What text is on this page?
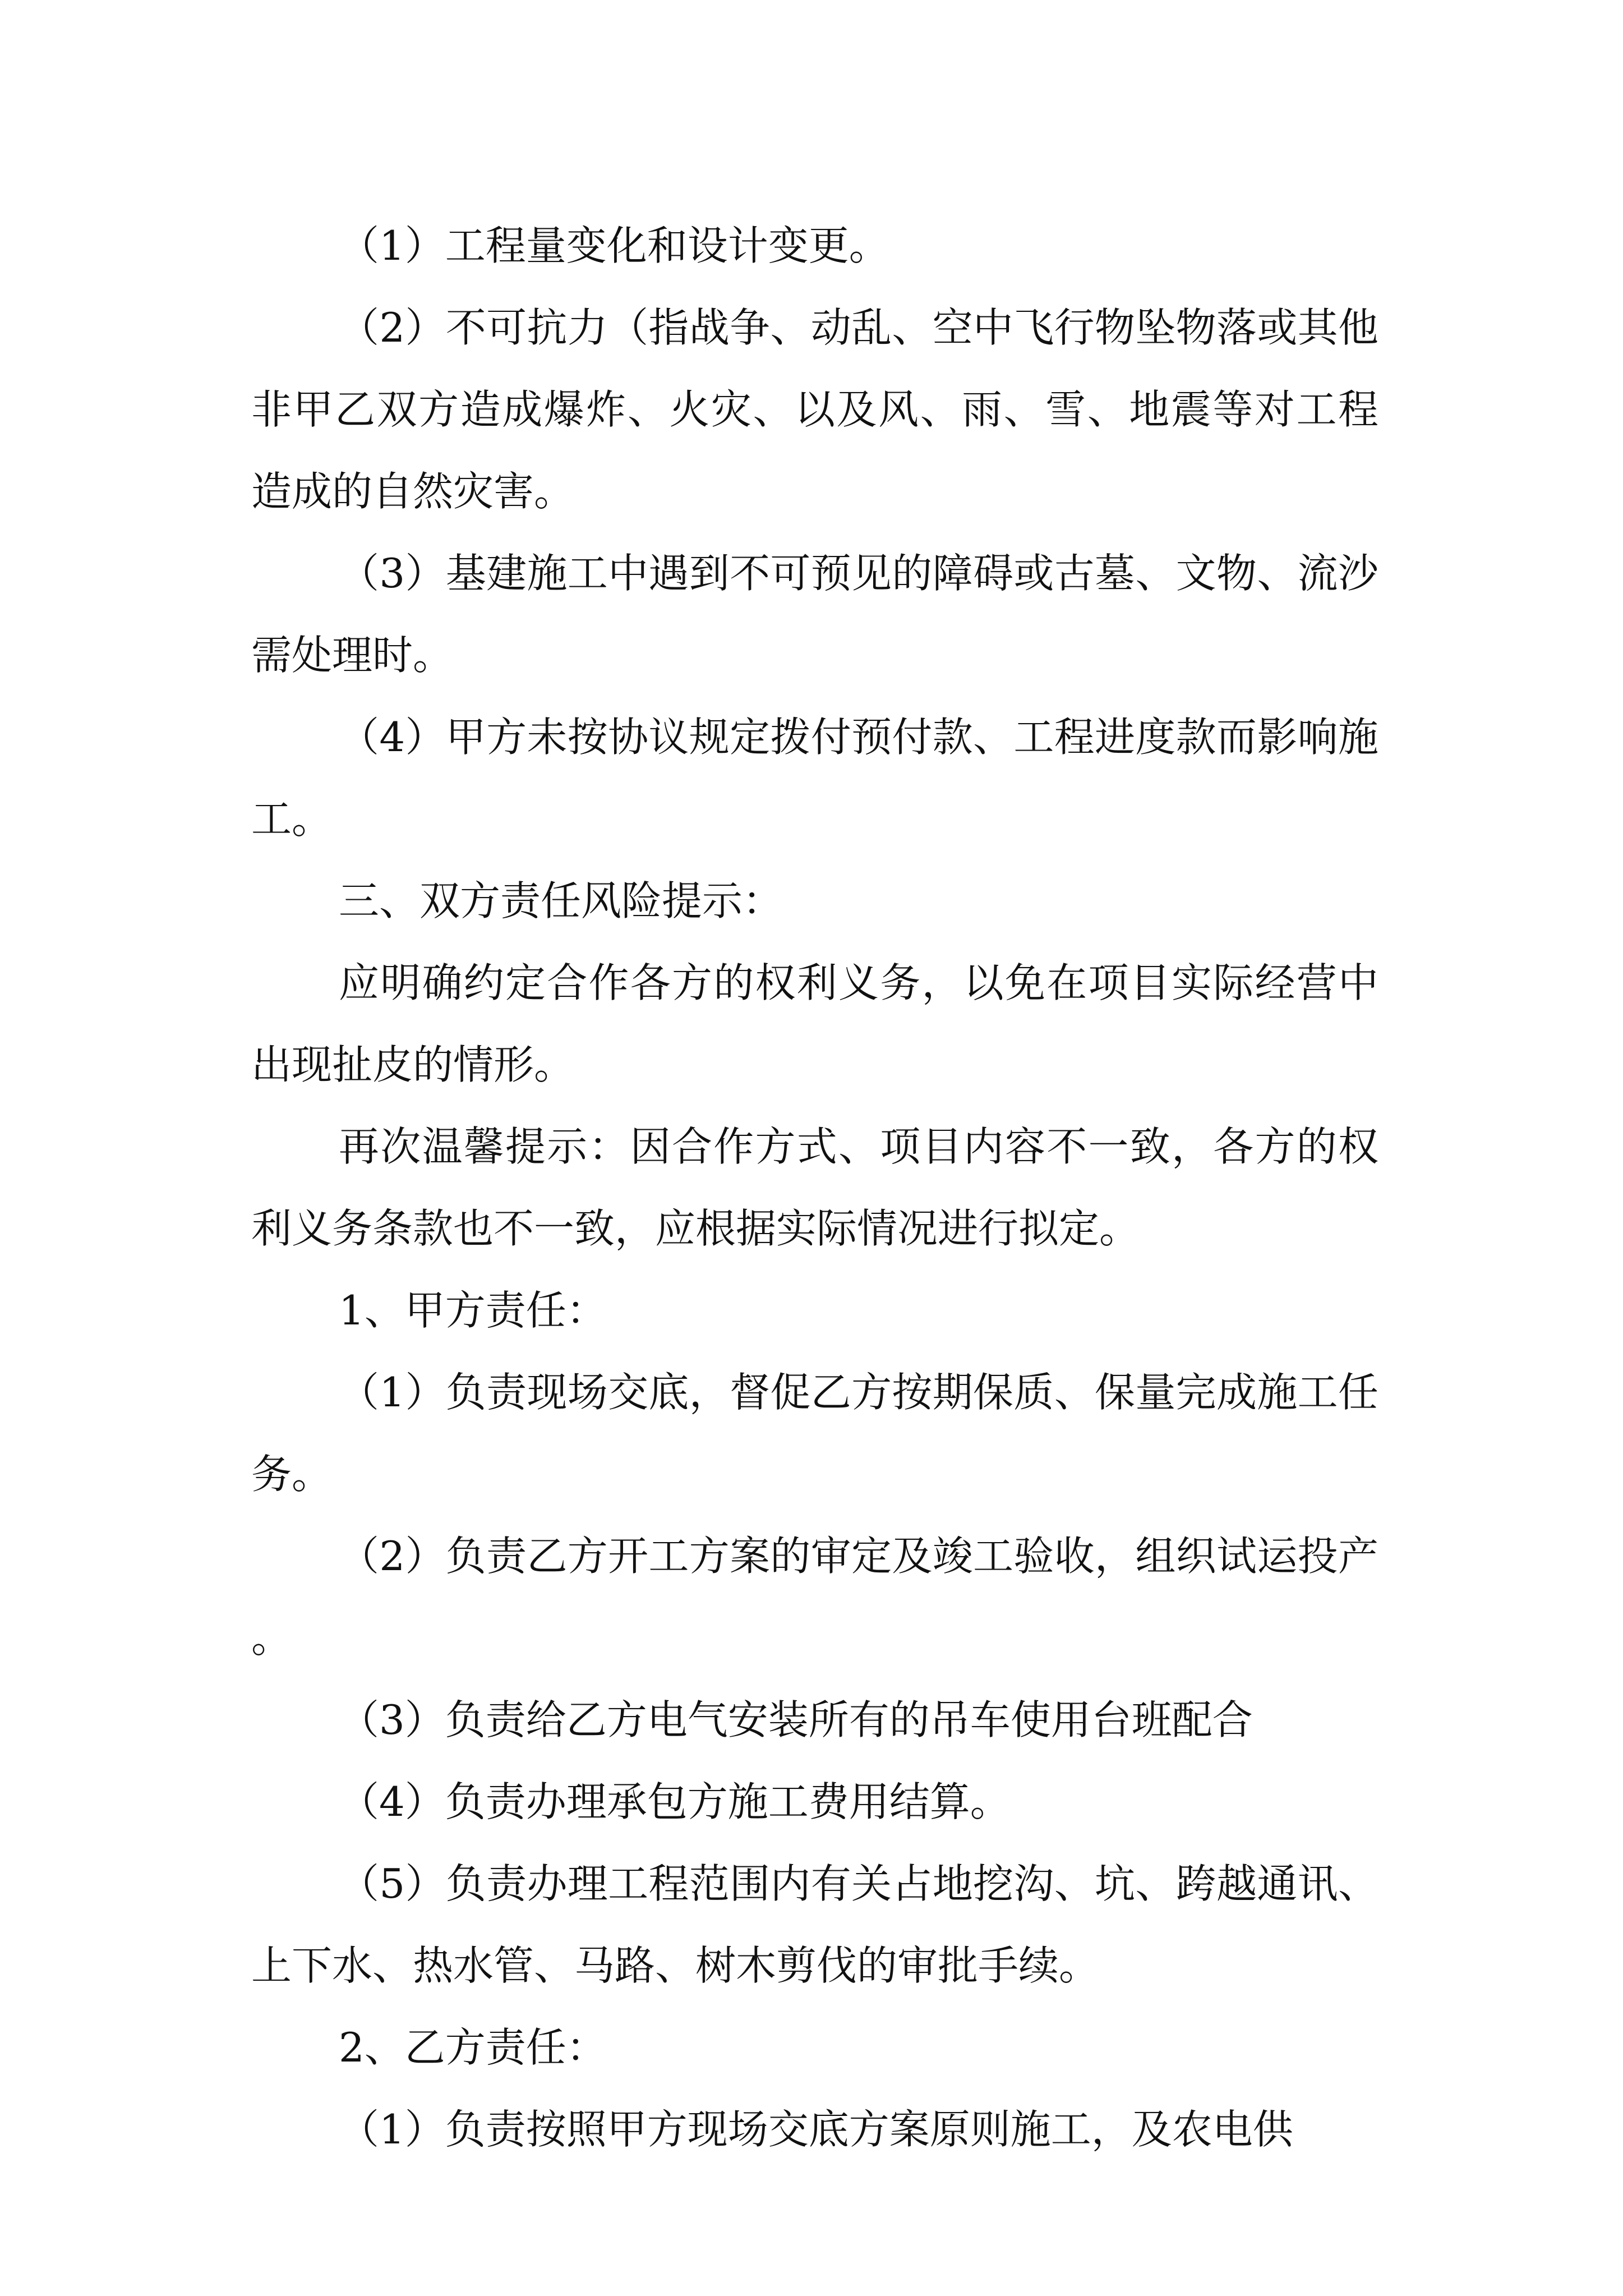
（1）工程量变化和设计变更。

（2）不可抗力（指战争、动乱、空中飞行物坠物落或其他非甲乙双方造成爆炸、火灾、以及风、雨、雪、地震等对工程造成的自然灾害。

（3）基建施工中遇到不可预见的障碍或古墓、文物、流沙需处理时。

（4）甲方未按协议规定拨付预付款、工程进度款而影响施工。

三、双方责任风险提示：

应明确约定合作各方的权利义务，以免在项目实际经营中出现扯皮的情形。

再次温馨提示：因合作方式、项目内容不一致，各方的权利义务条款也不一致，应根据实际情况进行拟定。

1、甲方责任：

（1）负责现场交底，督促乙方按期保质、保量完成施工任务。

（2）负责乙方开工方案的审定及竣工验收，组织试运投产。

（3）负责给乙方电气安装所有的吊车使用台班配合

（4）负责办理承包方施工费用结算。

（5）负责办理工程范围内有关占地挖沟、坑、跨越通讯、上下水、热水管、马路、树木剪伐的审批手续。

2、乙方责任：

（1）负责按照甲方现场交底方案原则施工，及农电供
